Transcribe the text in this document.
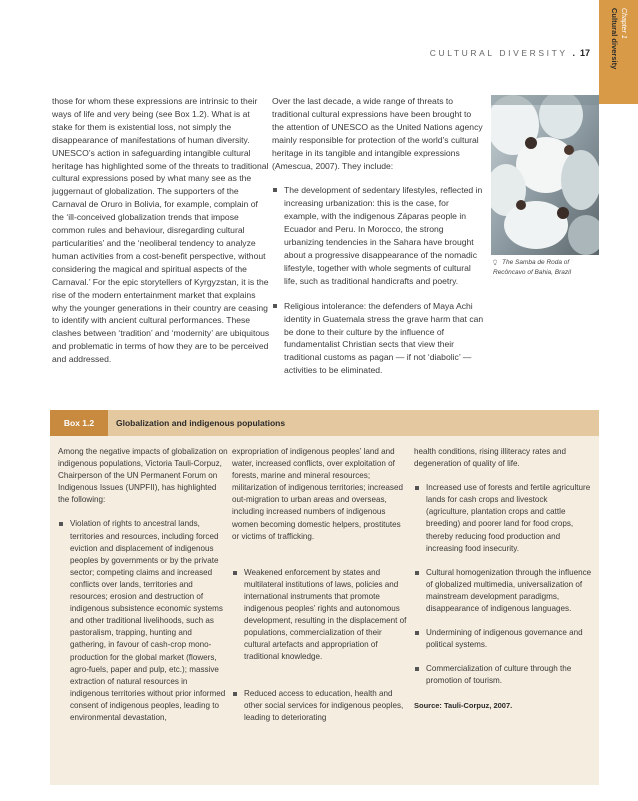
Chapter 1
Cultural diversity
CULTURAL DIVERSITY . 17
those for whom these expressions are intrinsic to their ways of life and very being (see Box 1.2). What is at stake for them is existential loss, not simply the disappearance of manifestations of human diversity. UNESCO’s action in safeguarding intangible cultural heritage has highlighted some of the threats to traditional cultural expressions posed by what many see as the juggernaut of globalization. The supporters of the Carnaval de Oruro in Bolivia, for example, complain of the ‘ill-conceived globalization trends that impose common rules and behaviour, disregarding cultural particularities’ and the ‘neoliberal tendency to analyze human activities from a cost-benefit perspective, without considering the magical and spiritual aspects of the Carnaval.’ For the epic storytellers of Kyrgyzstan, it is the rise of the modern entertainment market that explains why the younger generations in their country are ceasing to identify with ancient cultural performances. These clashes between ‘tradition’ and ‘modernity’ are ubiquitous and problematic in terms of how they are to be perceived and addressed.
Over the last decade, a wide range of threats to traditional cultural expressions have been brought to the attention of UNESCO as the United Nations agency mainly responsible for protection of the world’s cultural heritage in its tangible and intangible expressions (Amescua, 2007). They include:
The development of sedentary lifestyles, reflected in increasing urbanization: this is the case, for example, with the indigenous Záparas people in Ecuador and Peru. In Morocco, the strong urbanizing tendencies in the Sahara have brought about a progressive disappearance of the nomadic lifestyle, together with whole segments of cultural life, such as traditional handicrafts and poetry.
Religious intolerance: the defenders of Maya Achi identity in Guatemala stress the grave harm that can be done to their culture by the influence of fundamentalist Christian sects that view their traditional customs as pagan — if not ‘diabolic’ — activities to be eliminated.
⍜ The Samba de Roda of Recôncavo of Bahia, Brazil
Box 1.2	Globalization and indigenous populations
Among the negative impacts of globalization on indigenous populations, Victoria Tauli-Corpuz, Chairperson of the UN Permanent Forum on Indigenous Issues (UNPFII), has highlighted the following:
Violation of rights to ancestral lands, territories and resources, including forced eviction and displacement of indigenous peoples by governments or by the private sector; competing claims and increased conflicts over lands, territories and resources; erosion and destruction of indigenous subsistence economic systems and other traditional livelihoods, such as pastoralism, trapping, hunting and gathering, in favour of cash-crop mono-production for the global market (flowers, agro-fuels, paper and pulp, etc.); massive extraction of natural resources in indigenous territories without prior informed consent of indigenous peoples, leading to environmental devastation,
expropriation of indigenous peoples’ land and water, increased conflicts, over exploitation of forests, marine and mineral resources; militarization of indigenous territories; increased out-migration to urban areas and overseas, including increased numbers of indigenous women becoming domestic helpers, prostitutes or victims of trafficking.
Weakened enforcement by states and multilateral institutions of laws, policies and international instruments that promote indigenous peoples’ rights and autonomous development, resulting in the displacement of populations, commercialization of their cultural artefacts and appropriation of traditional knowledge.
Reduced access to education, health and other social services for indigenous peoples, leading to deteriorating
health conditions, rising illiteracy rates and degeneration of quality of life.
Increased use of forests and fertile agriculture lands for cash crops and livestock (agriculture, plantation crops and cattle breeding) and poorer land for food crops, thereby reducing food production and increasing food insecurity.
Cultural homogenization through the influence of globalized multimedia, universalization of mainstream development paradigms, disappearance of indigenous languages.
Undermining of indigenous governance and political systems.
Commercialization of culture through the promotion of tourism.
Source: Tauli-Corpuz, 2007.
